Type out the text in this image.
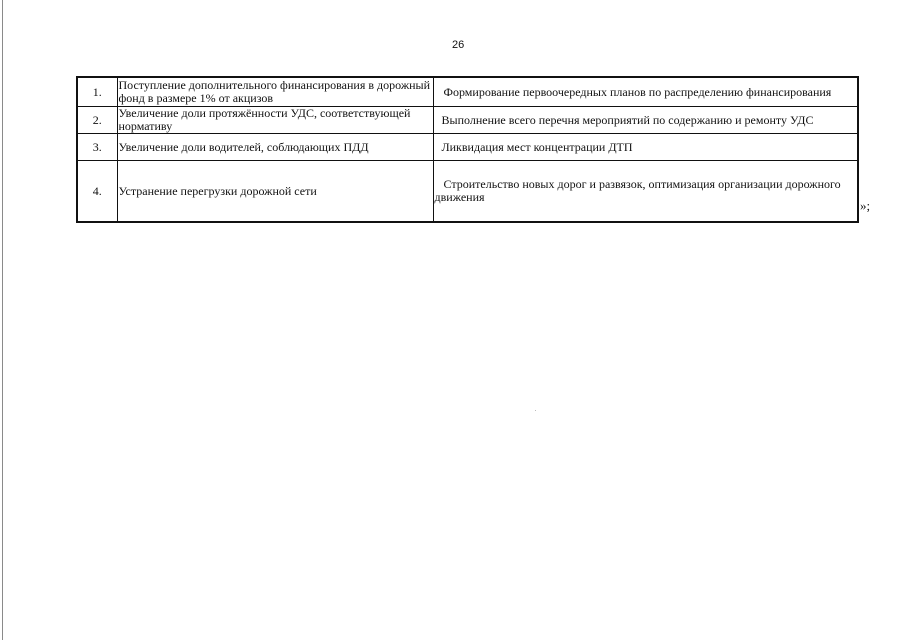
26
1.	Поступление дополнительного финансирования в дорожный фонд в размере 1% от акцизов	Формирование первоочередных планов по распределению финансирования
2.	Увеличение доли протяжённости УДС, соответствующей нормативу	Выполнение всего перечня мероприятий по содержанию и ремонту УДС
3.	Увеличение доли водителей, соблюдающих ПДД	Ликвидация мест концентрации ДТП
4.	Устранение перегрузки дорожной сети	Строительство новых дорог и развязок, оптимизация организации дорожного движения
»;
